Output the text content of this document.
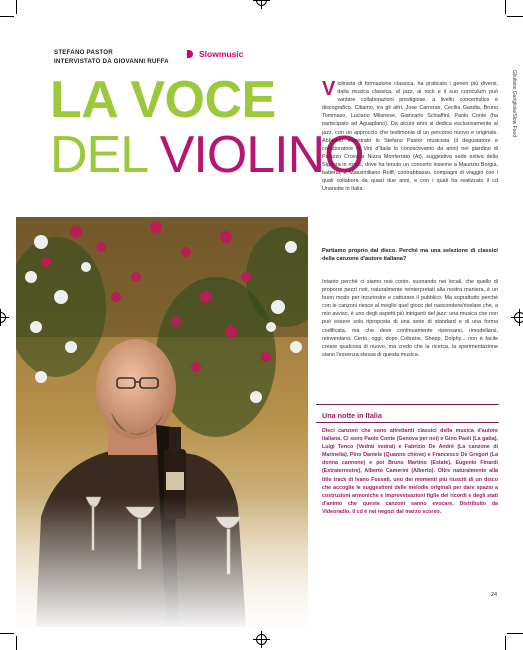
STEFANO PASTOR
INTERVISTATO DA GIOVANNI RUFFA
Slowmusic
LA VOCE
DEL VIOLINO
V iolinista di formazione classica, ha praticato i generi più diversi, dalla musica classica, al jazz, al rock e il suo curriculum può vantare collaborazioni prestigiose, a livello concertistico e discografico. Citiamo, tra gli altri, Jose Carreras, Cecilia Gasdia, Bruno Tommaso, Luciano Milanese, Giancarlo Schiaffini, Paolo Conte (ha partecipato ad Aguaplano). Da alcuni anni si dedica esclusivamente al jazz, con un approccio che testimonia di un percorso nuovo e originale. Abbiamo incontrato lo Stefano Pastor musicista (il degustatore e collaboratore di Vini d'Italia lo conoscevamo da anni) nel giardino di Palazzo Crova a Nizza Monferrato (At), suggestiva sede estiva della Signora in rosso, dove ha tenuto un concerto insieme a Maurizio Borgia, batteria, e Massimiliano Rolff, contrabbasso, compagni di viaggio con i quali collabora da quasi due anni, e con i quali ha realizzato il cd Unanotte in Italia.
Partiamo proprio dal disco. Perché ma una selezione di classici della canzone d'autore italiana?
Intanto perché ci siamo resi conto, suonando nei locali, che quello di proporre pezzi noti, naturalmente reinterpretati alla nostra maniera, è un buon modo per incuriosire e catturare il pubblico. Ma soprattutto perché con le canzoni riesce al meglio quel gioco del nascondere/rivelare che, a mio avviso, è uno degli aspetti più intriganti del jazz: una musica che non può essere solo riproposta di una serie di standard e di una forma codificata, ma che deve continuamente ripensarsi, rimodellarsi, reinventarsi. Certo, oggi, dopo Coltrane, Shepp, Dolphy... non è facile creare qualcosa di nuovo, ma credo che la ricerca, la sperimentazione siano l'essenza stessa di questa musica.
Una notte in Italia
Dieci canzoni che sono altrettanti classici della musica d'autore italiana. Ci sono Paolo Conte (Genova per noi) e Gino Paoli (La gatta), Luigi Tenco (Vedrai vedrai) e Fabrizio De André (La canzone di Marinella), Pino Daniele (Quanno chiove) e Francesco De Gregori (La donna cannone) e poi Bruno Martino (Estate), Eugenio Finardi (Extraterrestre), Alberto Camerini (Alberto). Oltre naturalmente alla title track di Ivano Fossati, uno dei momenti più riusciti di un disco che accoglie le suggestioni delle melodie originali per dare spazio a costruzioni armoniche e improvvisazioni figlie dei ricordi e degli stati d'animo che queste canzoni sanno evocare. Distribuito da Videoradio, il cd è nei negozi dal marzo scorso.
24
Gliuliano Garigliola/Slow Food
